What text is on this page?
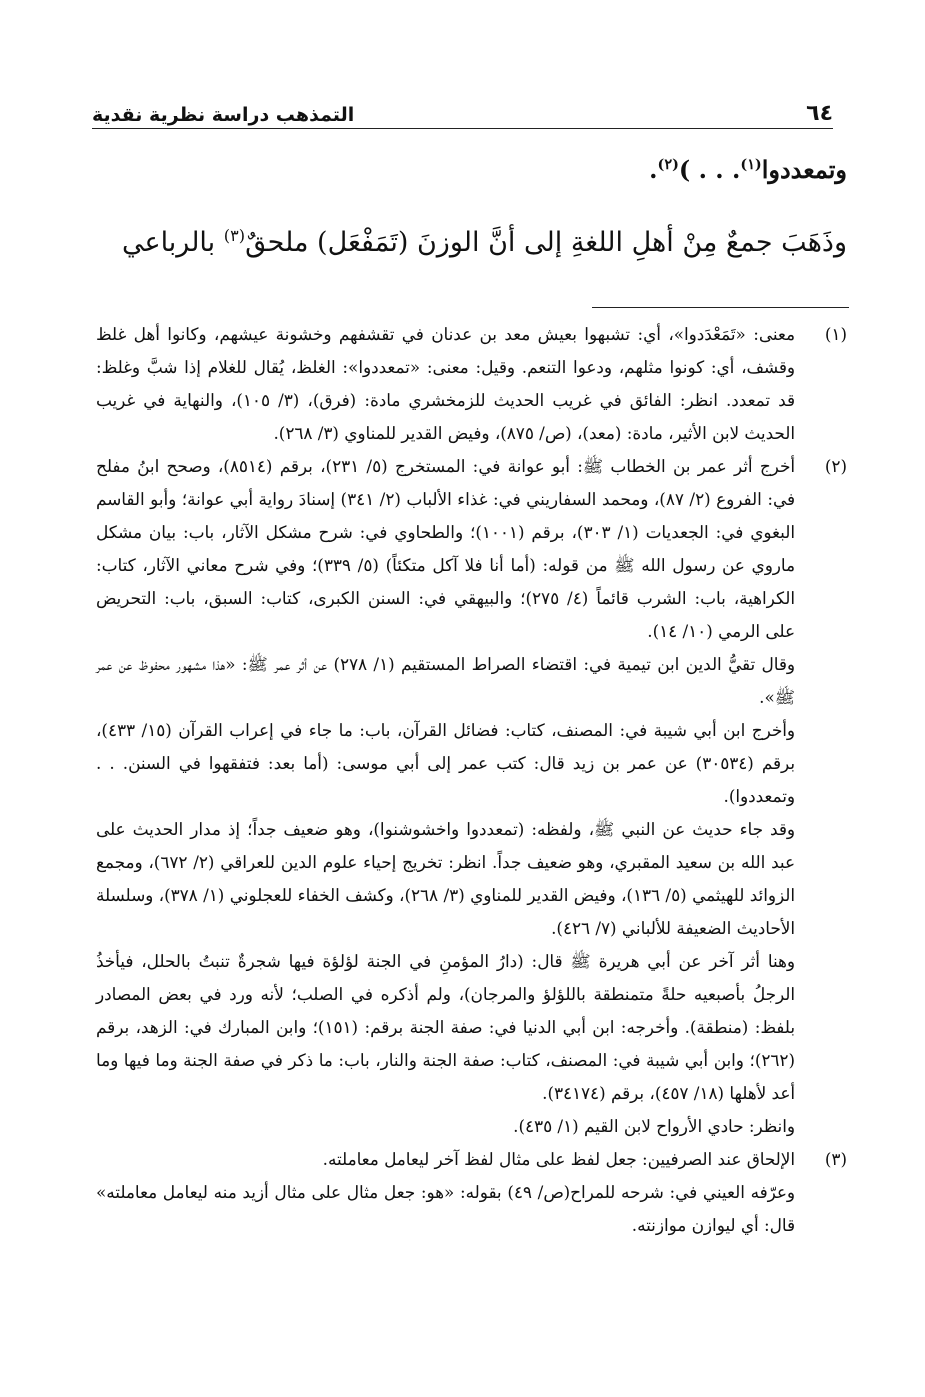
٦٤
التمذهب دراسة نظرية نقدية
وتمعددوا$^{(١)}$. . . )$^{(٢)}$.
وذَهَبَ جمعٌ مِنْ أهلِ اللغةِ إلى أنَّ الوزنَ (تَمَفْعَل) ملحقٌ$^{(٣)}$ بالرباعي
(١)

معنى: «تَمَعْدَدوا»، أي: تشبهوا بعيش معد بن عدنان في تقشفهم وخشونة عيشهم، وكانوا أهل غلظ وقشف، أي: كونوا مثلهم، ودعوا التنعم. وقيل: معنى: «تمعددوا»: الغلظ، يُقال للغلام إذا شبَّ وغلظ: قد تمعدد. انظر: الفائق في غريب الحديث للزمخشري مادة: (فرق)، (٣/ ١٠٥)، والنهاية في غريب الحديث لابن الأثير، مادة: (معد)، (ص/ ٨٧٥)، وفيض القدير للمناوي (٣/ ٢٦٨).

(٢)

أخرج أثر عمر بن الخطاب ﷺ: أبو عوانة في: المستخرج (٥/ ٢٣١)، برقم (٨٥١٤)، وصحح ابنُ مفلح في: الفروع (٢/ ٨٧)، ومحمد السفاريني في: غذاء الألباب (٢/ ٣٤١) إسنادَ رواية أبي عوانة؛ وأبو القاسم البغوي في: الجعديات (١/ ٣٠٣)، برقم (١٠٠١)؛ والطحاوي في: شرح مشكل الآثار، باب: بيان مشكل ماروي عن رسول الله ﷺ من قوله: (أما أنا فلا آكل متكئاً) (٥/ ٣٣٩)؛ وفي شرح معاني الآثار، كتاب: الكراهية، باب: الشرب قائماً (٤/ ٢٧٥)؛ والبيهقي في: السنن الكبرى، كتاب: السبق، باب: التحريض على الرمي (١٠/ ١٤).

وقال تقيُّ الدين ابن تيمية في: اقتضاء الصراط المستقيم (١/ ٢٧٨) عن أثر عمر ﷺ: «هذا مشهور محفوظ عن عمر ﷺ».

وأخرج ابن أبي شيبة في: المصنف، كتاب: فضائل القرآن، باب: ما جاء في إعراب القرآن (١٥/ ٤٣٣)، برقم (٣٠٥٣٤) عن عمر بن زيد قال: كتب عمر إلى أبي موسى: (أما بعد: فتفقهوا في السنن. . . وتمعددوا).

وقد جاء حديث عن النبي ﷺ، ولفظه: (تمعددوا واخشوشنوا)، وهو ضعيف جداً؛ إذ مدار الحديث على عبد الله بن سعيد المقبري، وهو ضعيف جداً. انظر: تخريج إحياء علوم الدين للعراقي (٢/ ٦٧٢)، ومجمع الزوائد للهيثمي (٥/ ١٣٦)، وفيض القدير للمناوي (٣/ ٢٦٨)، وكشف الخفاء للعجلوني (١/ ٣٧٨)، وسلسلة الأحاديث الضعيفة للألباني (٧/ ٤٢٦).

وهنا أثر آخر عن أبي هريرة ﷺ قال: (دارُ المؤمنِ في الجنة لؤلؤة فيها شجرةٌ تنبتُ بالحلل، فيأخذُ الرجلُ بأصبعيه حلةً متمنطقة باللؤلؤ والمرجان)، ولم أذكره في الصلب؛ لأنه ورد في بعض المصادر بلفظ: (منطقة). وأخرجه: ابن أبي الدنيا في: صفة الجنة برقم: (١٥١)؛ وابن المبارك في: الزهد، برقم (٢٦٢)؛ وابن أبي شيبة في: المصنف، كتاب: صفة الجنة والنار، باب: ما ذكر في صفة الجنة وما فيها وما أعد لأهلها (١٨/ ٤٥٧)، برقم (٣٤١٧٤).

وانظر: حادي الأرواح لابن القيم (١/ ٤٣٥).

(٣)

الإلحاق عند الصرفيين: جعل لفظ على مثال لفظ آخر ليعامل معاملته.

وعرّفه العيني في: شرحه للمراح(ص/ ٤٩) بقوله: «هو: جعل مثال على مثال أزيد منه ليعامل معاملته» قال: أي ليوازن موازنته.
